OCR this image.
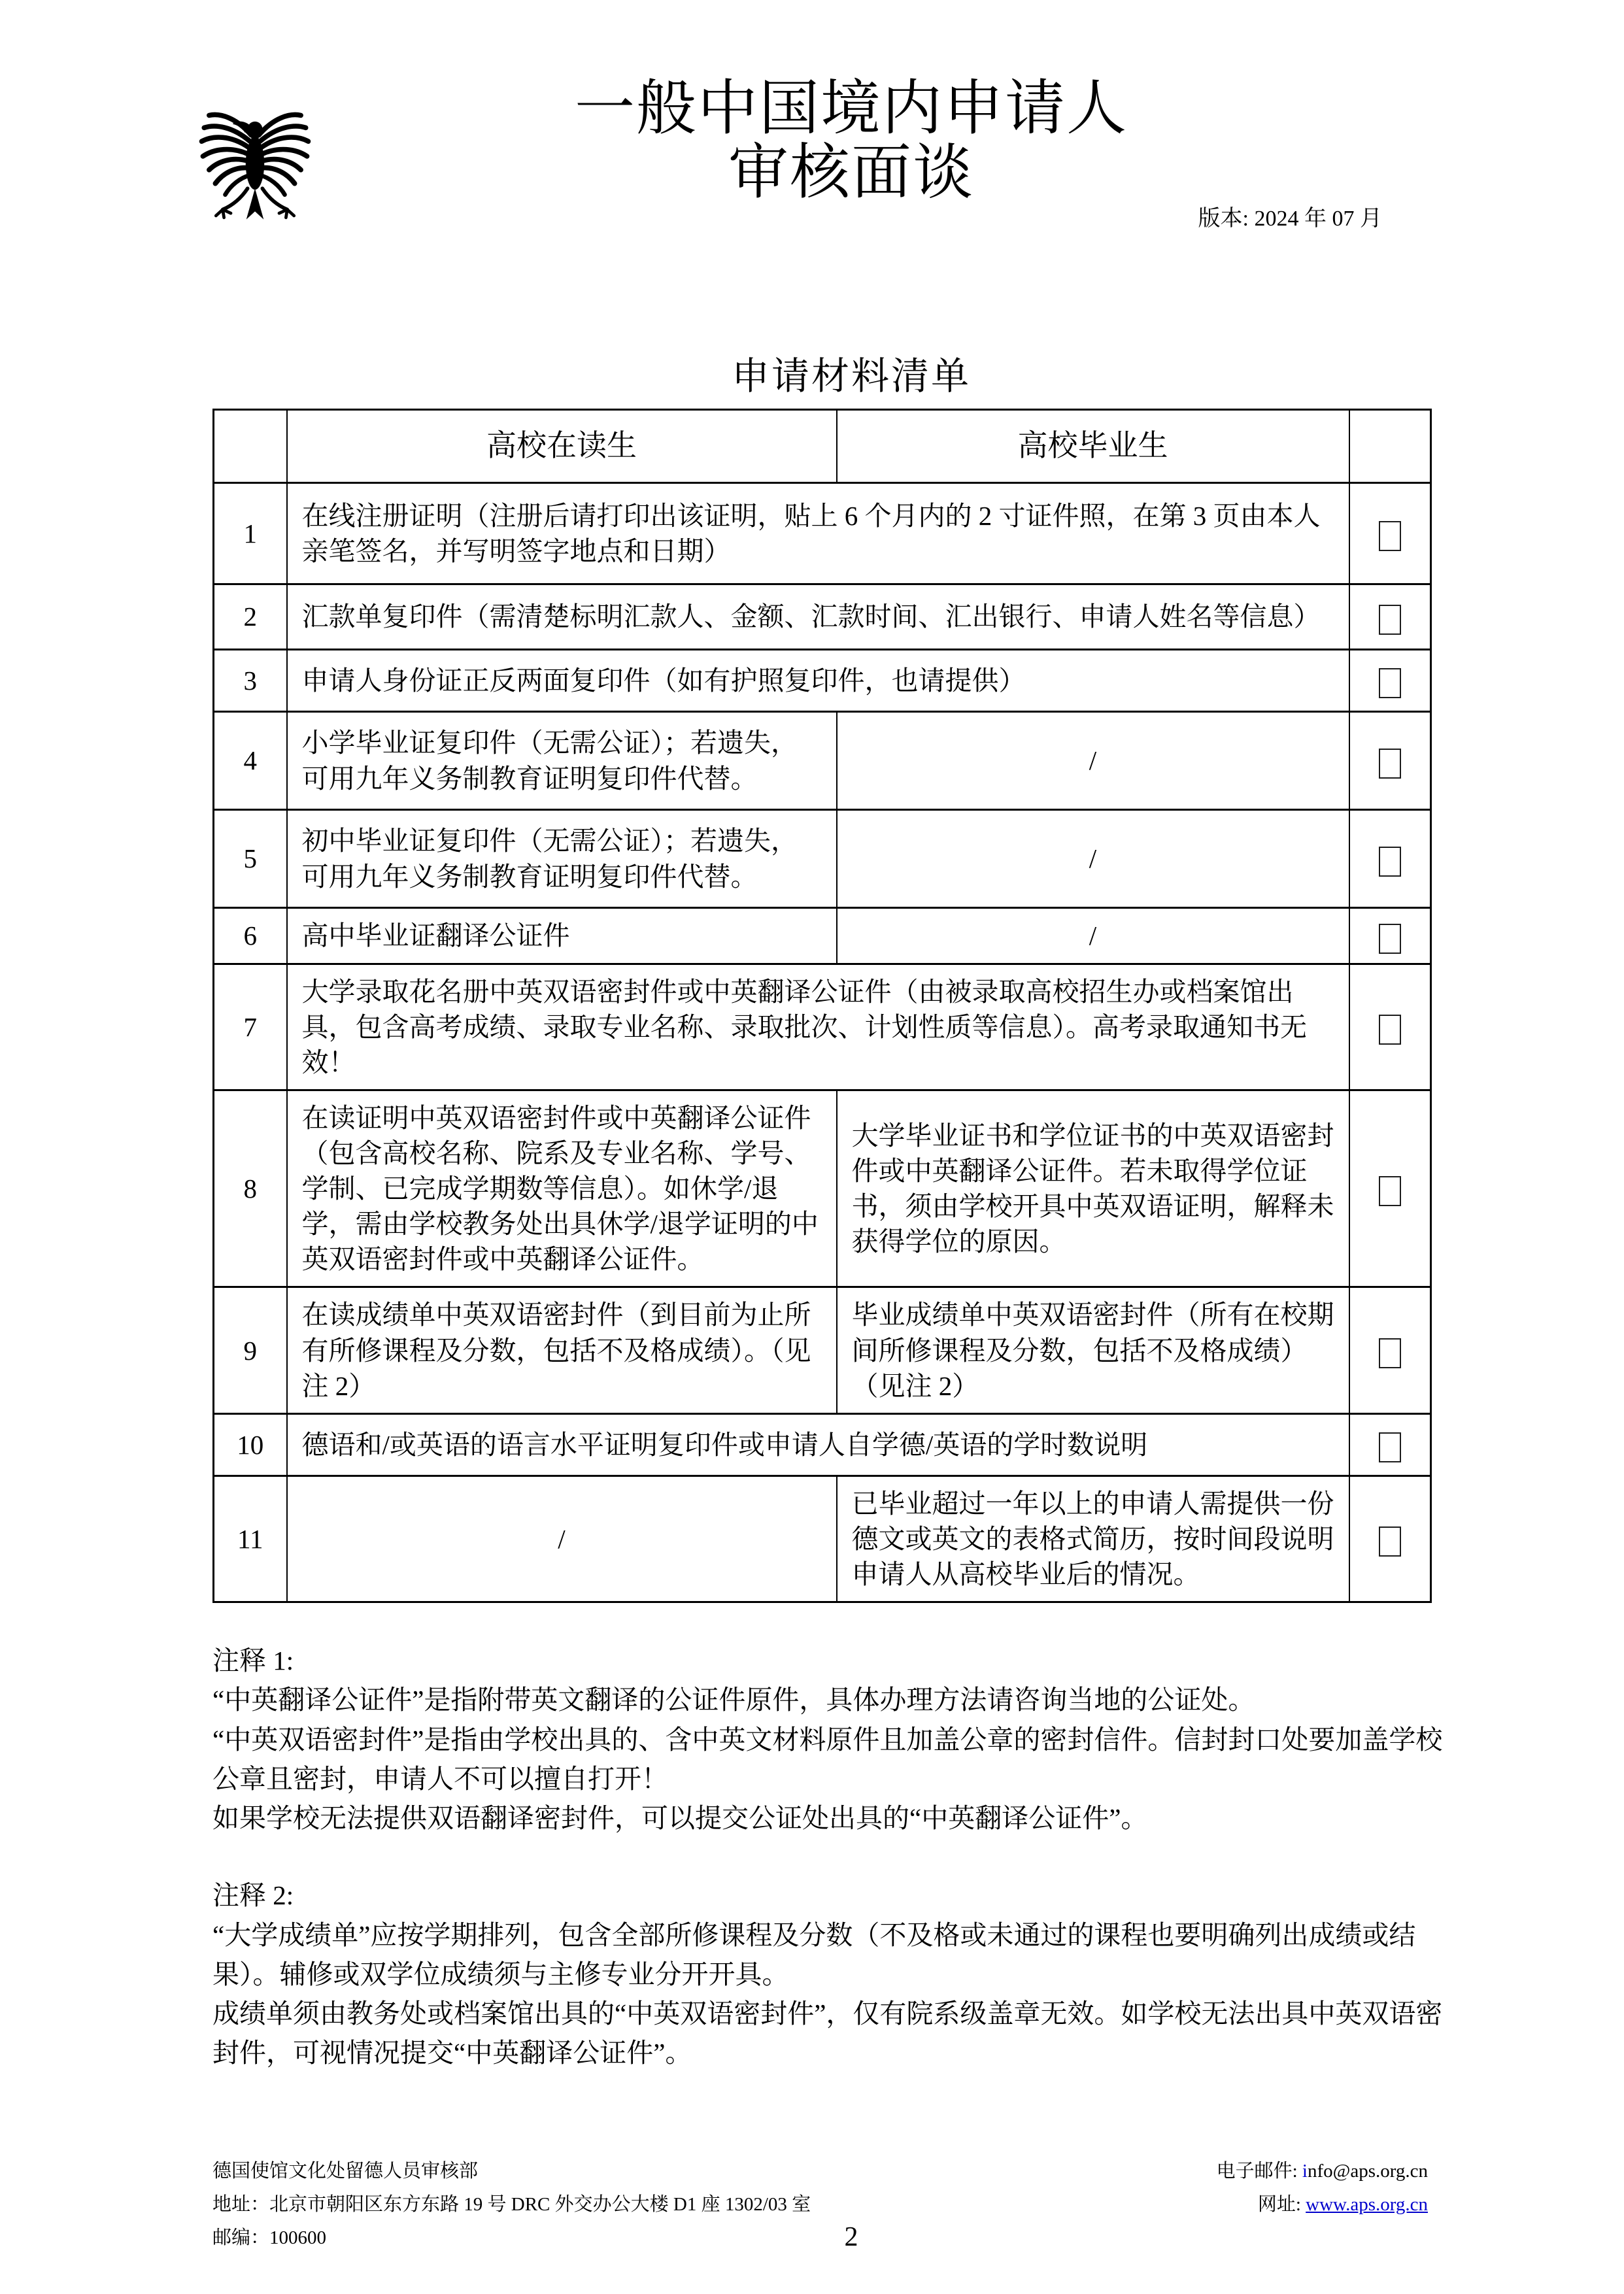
一般中国境内申请人
审核面谈
版本: 2024 年 07 月
申请材料清单
	高校在读生	高校毕业生	
1	在线注册证明（注册后请打印出该证明，贴上 6 个月内的 2 寸证件照，在第 3 页由本人亲笔签名，并写明签字地点和日期）		
2	汇款单复印件（需清楚标明汇款人、金额、汇款时间、汇出银行、申请人姓名等信息）		
3	申请人身份证正反两面复印件（如有护照复印件，也请提供）		
4	小学毕业证复印件（无需公证）；若遗失，可用九年义务制教育证明复印件代替。	/	
5	初中毕业证复印件（无需公证）；若遗失，可用九年义务制教育证明复印件代替。	/	
6	高中毕业证翻译公证件	/	
7	大学录取花名册中英双语密封件或中英翻译公证件（由被录取高校招生办或档案馆出具，包含高考成绩、录取专业名称、录取批次、计划性质等信息）。高考录取通知书无效！		
8	在读证明中英双语密封件或中英翻译公证件（包含高校名称、院系及专业名称、学号、学制、已完成学期数等信息）。如休学/退学，需由学校教务处出具休学/退学证明的中英双语密封件或中英翻译公证件。	大学毕业证书和学位证书的中英双语密封件或中英翻译公证件。若未取得学位证书，须由学校开具中英双语证明，解释未获得学位的原因。	
9	在读成绩单中英双语密封件（到目前为止所有所修课程及分数，包括不及格成绩）。（见注 2）	毕业成绩单中英双语密封件（所有在校期间所修课程及分数，包括不及格成绩）（见注 2）	
10	德语和/或英语的语言水平证明复印件或申请人自学德/英语的学时数说明		
11	/	已毕业超过一年以上的申请人需提供一份德文或英文的表格式简历，按时间段说明申请人从高校毕业后的情况。	

注释 1:

“中英翻译公证件”是指附带英文翻译的公证件原件，具体办理方法请咨询当地的公证处。

“中英双语密封件”是指由学校出具的、含中英文材料原件且加盖公章的密封信件。信封封口处要加盖学校公章且密封，申请人不可以擅自打开！

如果学校无法提供双语翻译密封件，可以提交公证处出具的“中英翻译公证件”。

注释 2:

“大学成绩单”应按学期排列，包含全部所修课程及分数（不及格或未通过的课程也要明确列出成绩或结果）。辅修或双学位成绩须与主修专业分开开具。

成绩单须由教务处或档案馆出具的“中英双语密封件”，仅有院系级盖章无效。如学校无法出具中英双语密封件，可视情况提交“中英翻译公证件”。

德国使馆文化处留德人员审核部
地址：北京市朝阳区东方东路 19 号 DRC 外交办公大楼 D1 座 1302/03 室
邮编：100600
电子邮件: info@aps.org.cn
网址: www.aps.org.cn
2
